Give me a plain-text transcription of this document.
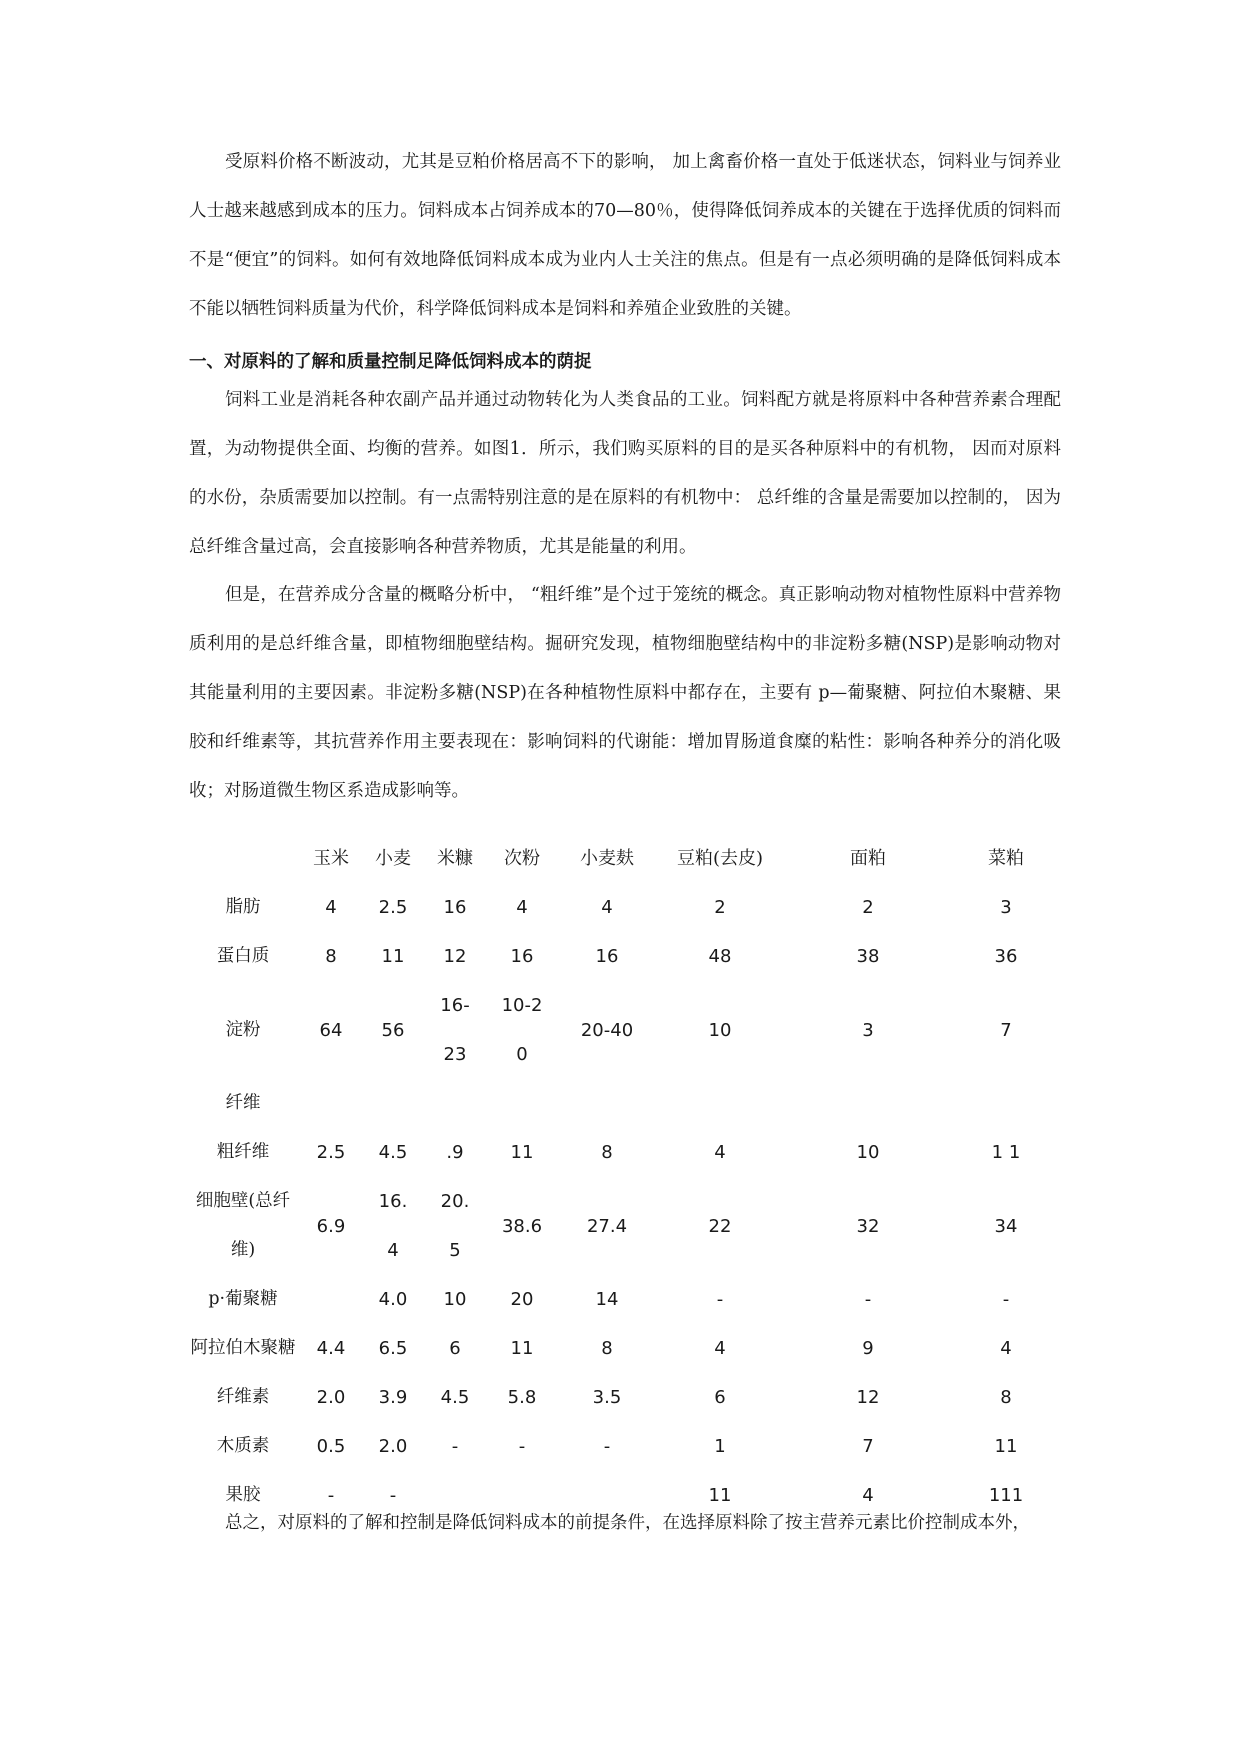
受原料价格不断波动，尤其是豆粕价格居高不下的影响， 加上禽畜价格一直处于低迷状态，饲料业与饲养业人士越来越感到成本的压力。饲料成本占饲养成本的70—80％，使得降低饲养成本的关键在于选择优质的饲料而不是“便宜”的饲料。如何有效地降低饲料成本成为业内人士关注的焦点。但是有一点必须明确的是降低饲料成本不能以牺牲饲料质量为代价，科学降低饲料成本是饲料和养殖企业致胜的关键。

一、对原料的了解和质量控制足降低饲料成本的荫捉

饲料工业是消耗各种农副产品并通过动物转化为人类食品的工业。饲料配方就是将原料中各种营养素合理配置，为动物提供全面、均衡的营养。如图1．所示，我们购买原料的目的是买各种原料中的有机物， 因而对原料的水份，杂质需要加以控制。有一点需特别注意的是在原料的有机物中： 总纤维的含量是需要加以控制的， 因为总纤维含量过高，会直接影响各种营养物质，尤其是能量的利用。

但是，在营养成分含量的概略分析中， “粗纤维”是个过于笼统的概念。真正影响动物对植物性原料中营养物质利用的是总纤维含量，即植物细胞壁结构。掘研究发现，植物细胞壁结构中的非淀粉多糖(NSP)是影响动物对其能量利用的主要因素。非淀粉多糖(NSP)在各种植物性原料中都存在，主要有 p—葡聚糖、阿拉伯木聚糖、果胶和纤维素等，其抗营养作用主要表现在：影响饲料的代谢能：增加胃肠道食糜的粘性：影响各种养分的消化吸收；对肠道微生物区系造成影响等。

	玉米	小麦	米糠	次粉	小麦麸	豆粕(去皮)	面粕	菜粕
脂肪	4	2.5	16	4	4	2	2	3
蛋白质	8	11	12	16	16	48	38	36
淀粉	64	56	16-	10-2	20-40	10	3	7
			23	0				
纤维								
粗纤维	2.5	4.5	.9	11	8	4	10	1 1
细胞壁(总纤	6.9	16.	20.	38.6	27.4	22	32	34
维)		4	5					
p·葡聚糖		4.0	10	20	14	-	-	-
阿拉伯木聚糖	4.4	6.5	6	11	8	4	9	4
纤维素	2.0	3.9	4.5	5.8	3.5	6	12	8
木质素	0.5	2.0	-	-	-	1	7	11
果胶	-	-				11	4	111

总之，对原料的了解和控制是降低饲料成本的前提条件，在选择原料除了按主营养元素比价控制成本外，
